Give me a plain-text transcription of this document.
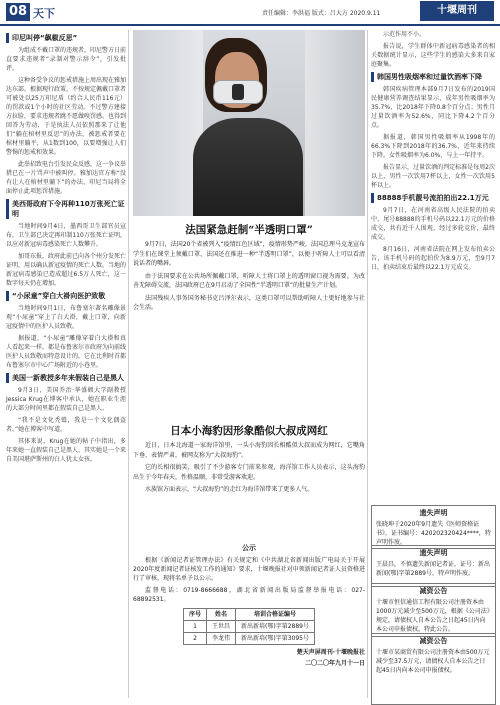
08 天下	责任编辑：李洪福 版式：吕大方 2020.9.11	十堰周刊
印尼叫停“飙椒反思”
为组成不戴口罩的违规者，印尼警方日前直要求违规者“录制对警示辞令”，引发批评。
这种备受争议的惩戒措施上周出现在雅加达东部。根据现行政策，不按规定佩戴口罩者可被处以25万印尼盾（约合人民币116元）的罚款或1个小时的社区劳动。不过警方建接方拉脸，要求违规者跳不愿做嗅罚感。也得到回答为劳动，于是执法人员依照那来了让他们“躺在棺材里反思”的办法，被惩戒者要在棺材里躺平，从1数到100，以要增强让人们警惕的惩戒和效果。
此举招致电台引发民众反感，这一争议举措已在一片骂声中被叫停。雅加达官方称“没有让人在棺材里躺下”的办法，印尼当局将全面停止此项惩罚措施。
美西哥政府下令再种110万张死亡证明
当地时间9月4日，墨西哥卫生部官员宣布，卫生部已决定再印制110万张死亡证明，以应对新冠病毒感染死亡人数攀升。
加哥东报，政府此前已向各个州分发死亡证明，用以确认新冠疫情的死亡人数。当地的新冠病毒感染已造成超过6.5万人死亡，这一数字每天仍在增加。
“小尿童”穿白大褂向医护致敬
当地时间9月1日，布鲁塞尔著名雕像景观“小尿童”穿上了白大褂，戴上口罩，向新冠疫情中的医护人员致敬。
据报道，“小尿童”雕像穿着白大褂和真人看起来一样，都是布鲁塞尔市政府为向前线医护人员致敬而特意设计的，它在比利时首都布鲁塞尔市中心广场附近的小巷里。
美国一新教授多年来假装自己是黑人
9月3日，美国乔治·华盛顿大学副教授Jessica Krug在博客中承认，她在职业生涯的大部分时间里都在假装自己是黑人。
“我不是文化秃鹫，我是一个文化偶盗者。”她在博客中写道。
其体来说，Krug在她的帖子中指出，多年来她一直假装自己是黑人，其实她是一个来自美国堪萨斯州的白人犹太女孩。
法国紧急赶制“半透明口罩”
9月7日，法国20个省被列入“疫情红色区域”，疫情形势严峻，法国总理马克龙宣布学生们在课堂上须戴口罩，法国还在推进一种“半透明口罩”，以便于听障人士可以看清说话者的嘴唇。
由于法国要求在公共场所佩戴口罩，听障人士将口罩上的透明窗口视为需要。为改善无障碍交流，法国政府已在9月启动了全国性“半透明口罩”的批量生产计划。
法国残疾人事务国务秘书克吕泽尔表示，这类口罩可以帮助听障人士更好地参与社会生活。
日本小海豹因形象酷似大叔成网红
近日，日本北海道一家海洋馆里，一头小海豹因长相酷似大叔而成为网红，它嘴角下垂、表情严肃，被网友称为“大叔海豹”。
它的长相很搞笑，吸引了不少游客专门前来参观，海洋馆工作人员表示，这头海豹出生于今年春天，性格温顺，非常受游客欢迎。
水族馆方面表示，“大叔海豹”的走红为海洋馆带来了更多人气。
公示
根据《新闻记者证管理办法》有关规定和《中共湖北省新闻出版广电局关于开展2020年度新闻记者证核发工作的通知》要求，十堰晚报社对申领新闻记者证人员资格进行了审核，现将名单予以公示。
监督电话：0719-8666688，湖北省新闻出版局监督举报电话：027-68892531。
序号	姓名	培训合格证编号
1	王世昌	新出新培(鄂)字第2889号
2	李龙伟	新出新培(鄂)字第3095号
楚天声屏周刊·十堰晚报社
二〇二〇年九月十一日
示范作用不小。
报告说，学生群体中新冠病毒感染者的相关数据统计显示，这些学生的感染大多来自家庭聚集。
韩国男性吸烟率和过量饮酒率下降
韩国疾病管理本部9月7日发布的2019国民健康营养调查结果显示，成年男性吸烟率为35.7%，比2018年下降0.8个百分点；男性月过量饮酒率为52.6%，同比下降4.2个百分点。
据报道，韩国男性吸烟率从1998年的66.3%下降到2018年的36.7%，近年来持续下降。女性吸烟率为6.0%，与上一年持平。
报告显示，过量饮酒的判定标准是每周2次以上，男性一次饮用7杯以上，女性一次饮用5杯以上。
88888手机靓号流拍拍出22.1万元
9月7日，在河南省高级人民法院的拍卖中，尾号88888的手机号码以22.1万元的价格成交，共有近千人围观，经过多轮竞价，最终成交。
8月16日，河南省法院在网上发布拍卖公告，该手机号码的起拍价为8.9万元，至9月7日，拍卖结束后最终以22.1万元成交。
遗失声明
张晓坤于2020年9月遗失《医师资格证书》，证书编号：420202320424****，特声明作废。
遗失声明
王晨昌，不慎遗失新闻记者证，证号：新出新闻(鄂)字第2889号，特声明作废。
减资公告
十堰市恒信通信工程有限公司注册资本由1000万元减少至500万元，根据《公司法》规定，请债权人自本公告之日起45日内向本公司申报债权。特此公告。
减资公告
十堰市某商贸有限公司注册资本由500万元减少至37.5万元，请债权人自本公告之日起45日内向本公司申报债权。
